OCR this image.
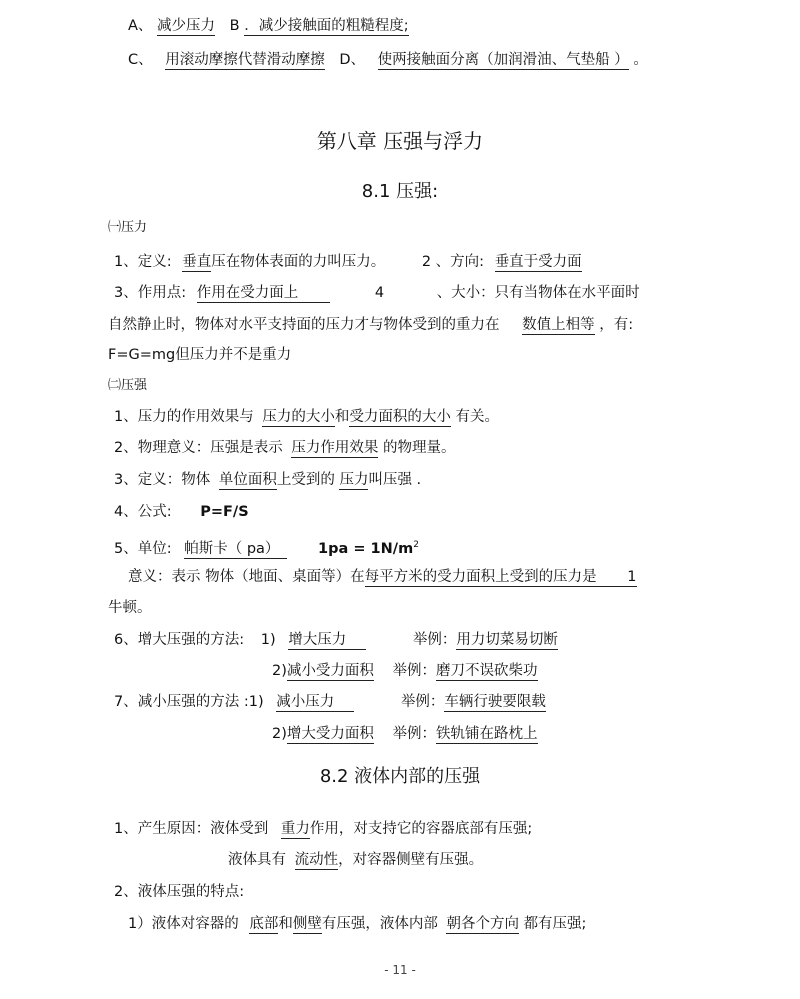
A、 减少压力 B ．减少接触面的粗糙程度;
C、 用滚动摩擦代替滑动摩擦 D、 使两接触面分离（加润滑油、气垫船 ） 。
第八章 压强与浮力
8.1 压强:
㈠压力
1、定义: 垂直压在物体表面的力叫压力。	2 、方向: 垂直于受力面
3、作用点: 作用在受力面上	4	、大小：只有当物体在水平面时
自然静止时，物体对水平支持面的压力才与物体受到的重力在 数值上相等 ，有:
F=G=mg但压力并不是重力
㈡压强
1、压力的作用效果与 压力的大小和受力面积的大小 有关。
2、物理意义：压强是表示 压力作用效果 的物理量。
3、定义：物体 单位面积上受到的 压力叫压强 .
4、公式: P=F/S
5、单位: 帕斯卡（ pa）	$1pa = 1N/m^2$
意义：表示 物体（地面、桌面等）在每平方米的受力面积上受到的压力是 1
牛顿。
6、增大压强的方法: 1) 增大压力	举例：用力切菜易切断
2)减小受力面积 举例：磨刀不误砍柴功
7、减小压强的方法 :1) 减小压力	举例：车辆行驶要限载
2)增大受力面积 举例：铁轨铺在路枕上
8.2 液体内部的压强
1、产生原因：液体受到 重力作用，对支持它的容器底部有压强;
液体具有 流动性，对容器侧壁有压强。
2、液体压强的特点:
1）液体对容器的 底部和侧壁有压强，液体内部 朝各个方向 都有压强;
- 11 -
